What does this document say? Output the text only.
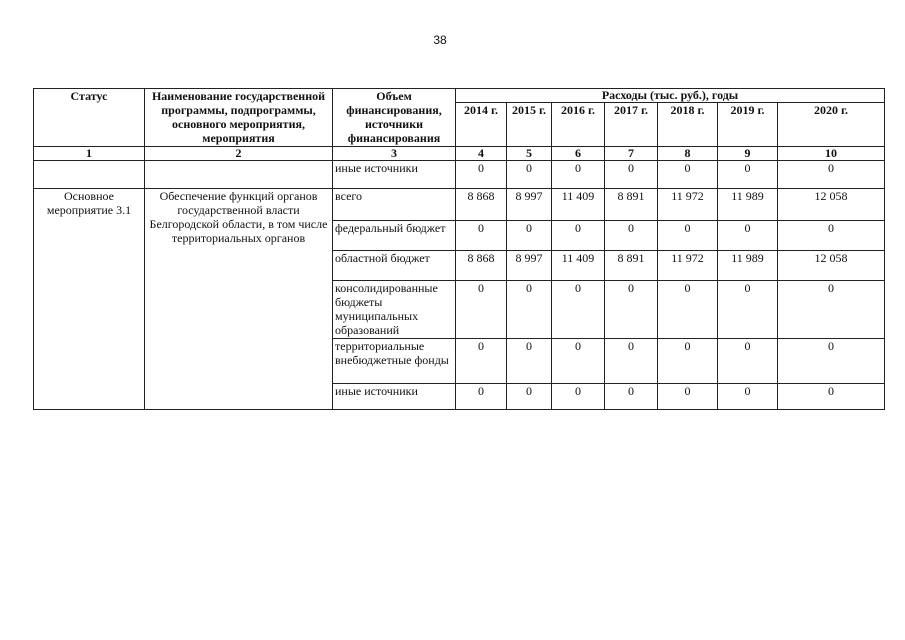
38
Статус	Наименование государственной программы, подпрограммы, основного мероприятия, мероприятия	Объем финансирования, источники финансирования	Расходы (тыс. руб.), годы						
			2014 г.	2015 г.	2016 г.	2017 г.	2018 г.	2019 г.	2020 г.
1	2	3	4	5	6	7	8	9	10
		иные источники	0	0	0	0	0	0	0
Основное мероприятие 3.1	Обеспечение функций органов государственной власти Белгородской области, в том числе территориальных органов	всего	8 868	8 997	11 409	8 891	11 972	11 989	12 058
		федеральный бюджет	0	0	0	0	0	0	0
		областной бюджет	8 868	8 997	11 409	8 891	11 972	11 989	12 058
		консолидированные бюджеты муниципальных образований	0	0	0	0	0	0	0
		территориальные внебюджетные фонды	0	0	0	0	0	0	0
		иные источники	0	0	0	0	0	0	0
